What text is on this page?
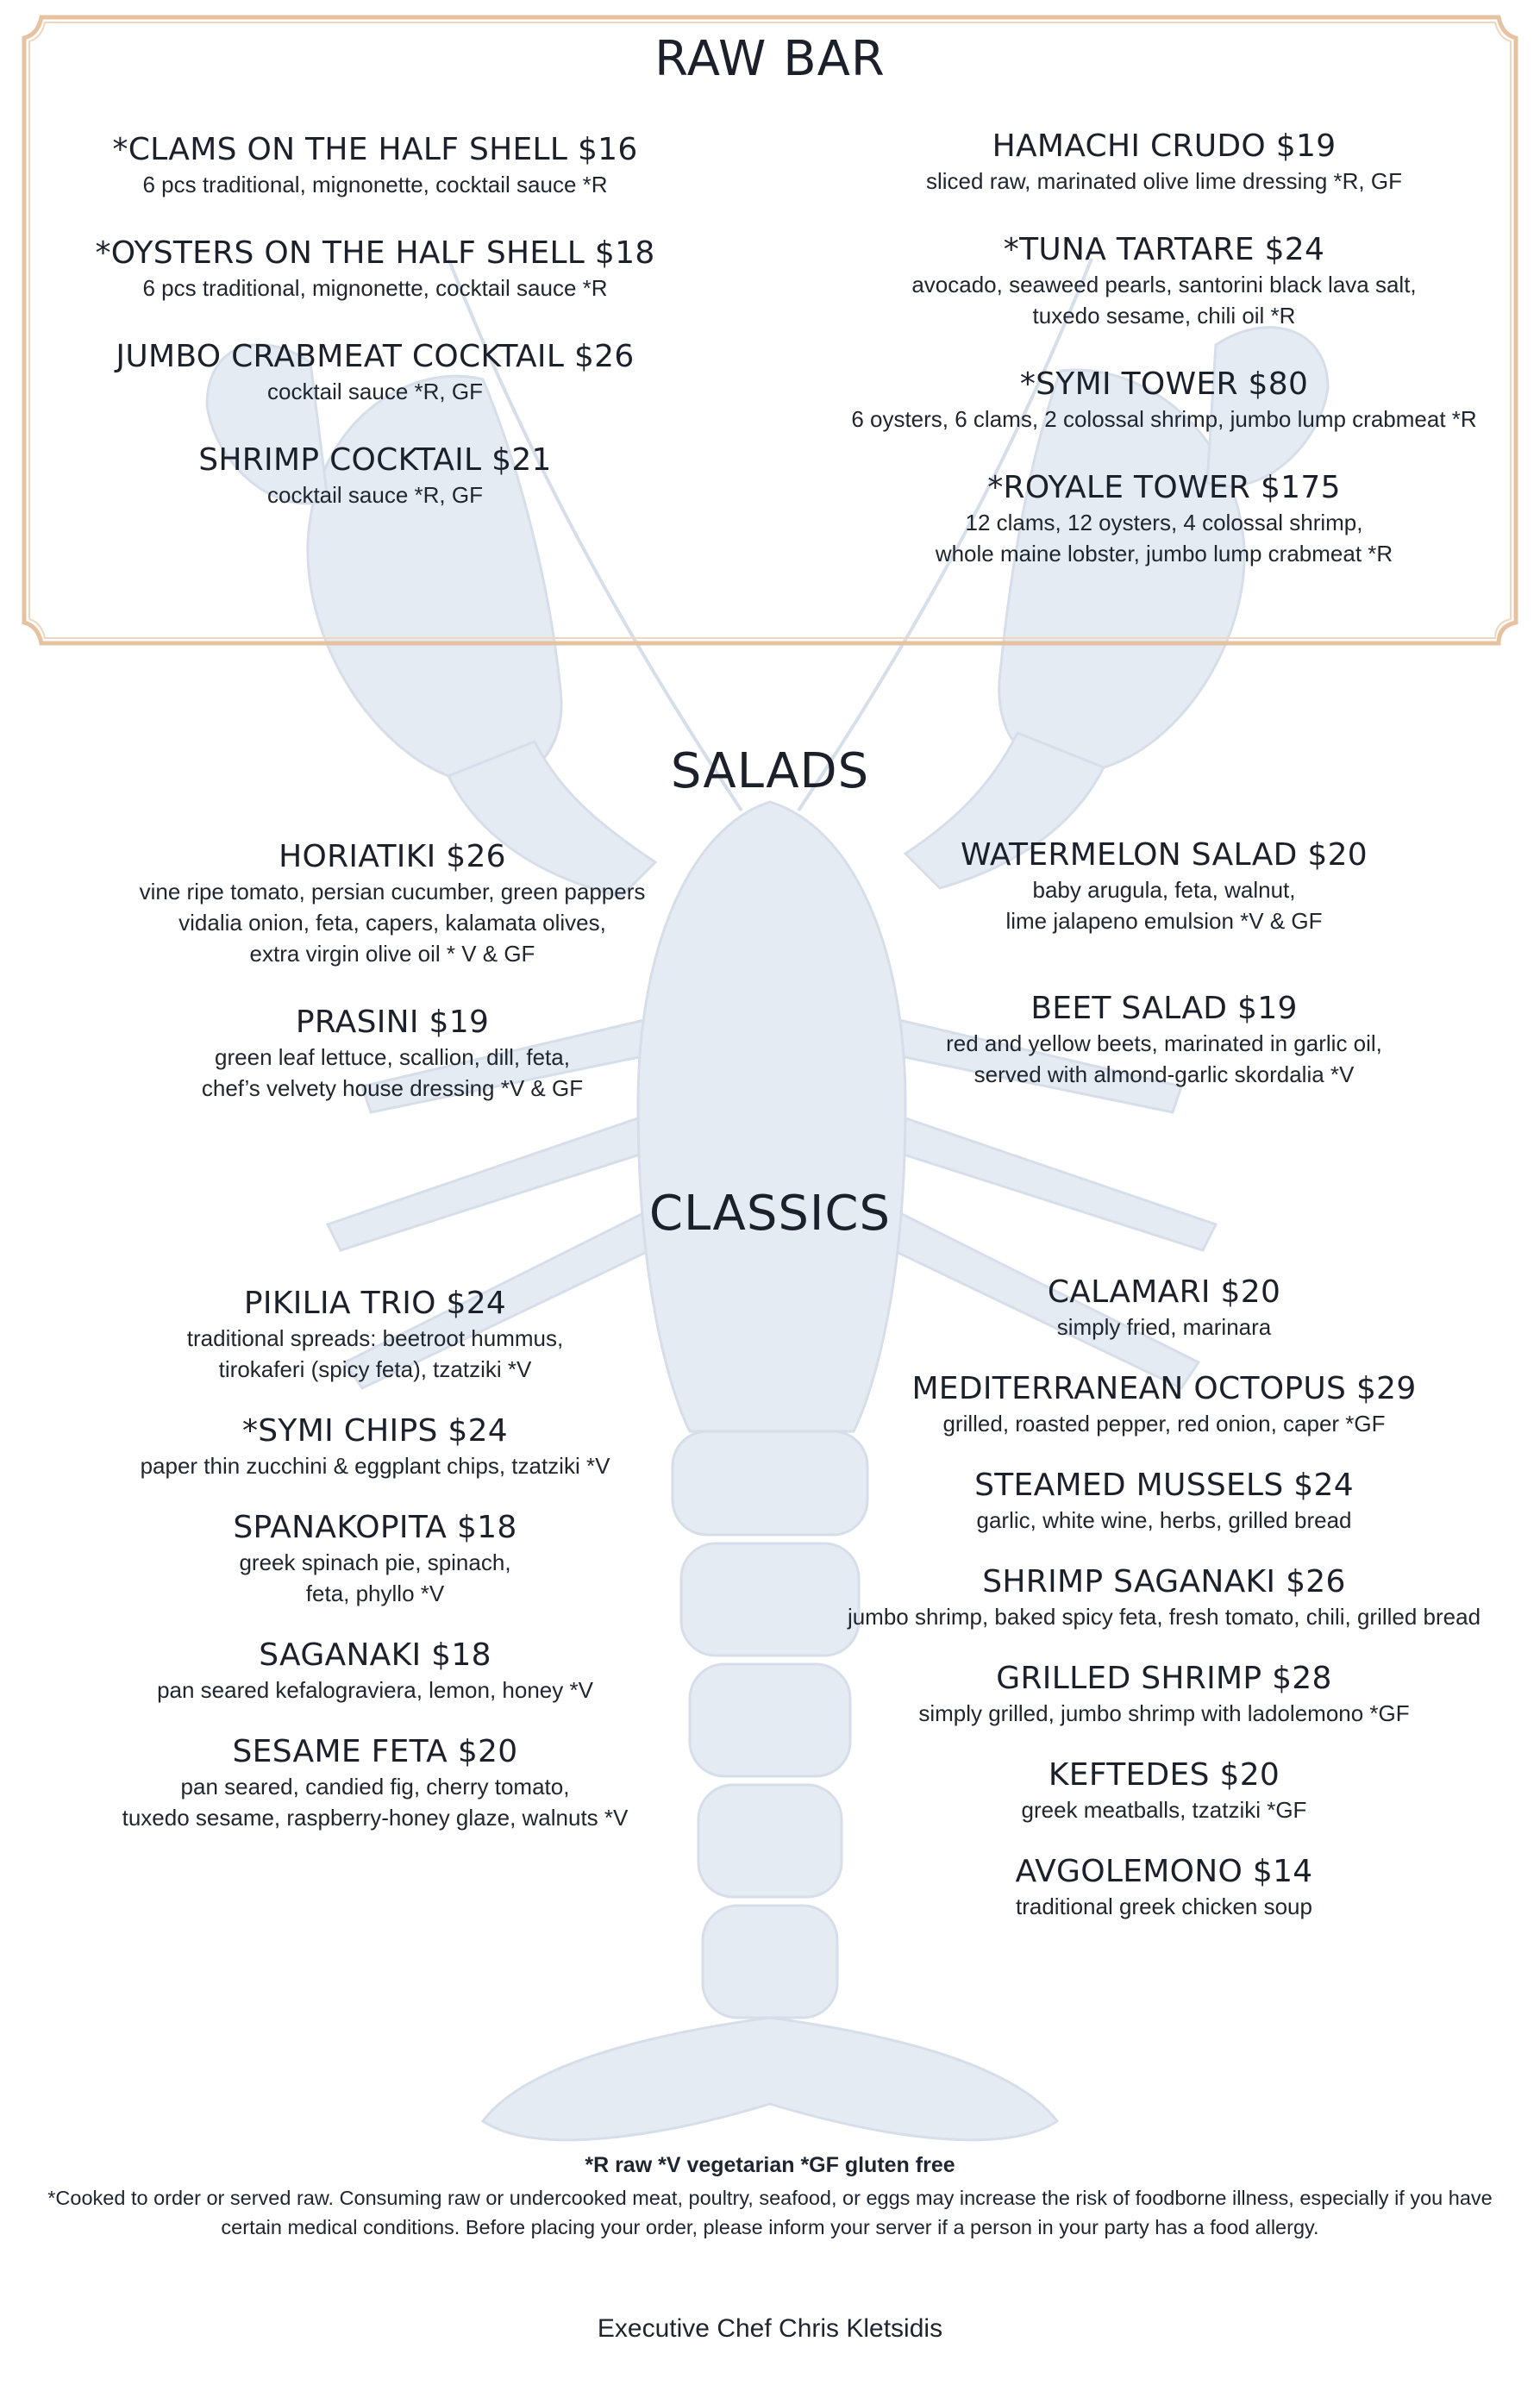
RAW BAR
*CLAMS ON THE HALF SHELL $16
6 pcs traditional, mignonette, cocktail sauce *R
*OYSTERS ON THE HALF SHELL $18
6 pcs traditional, mignonette, cocktail sauce *R
JUMBO CRABMEAT COCKTAIL $26
cocktail sauce *R, GF
SHRIMP COCKTAIL $21
cocktail sauce *R, GF
HAMACHI CRUDO $19
sliced raw, marinated olive lime dressing *R, GF
*TUNA TARTARE $24
avocado, seaweed pearls, santorini black lava salt,
tuxedo sesame, chili oil *R
*SYMI TOWER $80
6 oysters, 6 clams, 2 colossal shrimp, jumbo lump crabmeat *R
*ROYALE TOWER $175
12 clams, 12 oysters, 4 colossal shrimp,
whole maine lobster, jumbo lump crabmeat *R
SALADS
HORIATIKI $26
vine ripe tomato, persian cucumber, green pappers
vidalia onion, feta, capers, kalamata olives,
extra virgin olive oil * V & GF
PRASINI $19
green leaf lettuce, scallion, dill, feta,
chef’s velvety house dressing *V & GF
WATERMELON SALAD $20
baby arugula, feta, walnut,
lime jalapeno emulsion *V & GF
BEET SALAD $19
red and yellow beets, marinated in garlic oil,
served with almond-garlic skordalia *V
CLASSICS
PIKILIA TRIO $24
traditional spreads: beetroot hummus,
tirokaferi (spicy feta), tzatziki *V
*SYMI CHIPS $24
paper thin zucchini & eggplant chips, tzatziki *V
SPANAKOPITA $18
greek spinach pie, spinach,
feta, phyllo *V
SAGANAKI $18
pan seared kefalograviera, lemon, honey *V
SESAME FETA $20
pan seared, candied fig, cherry tomato,
tuxedo sesame, raspberry-honey glaze, walnuts *V
CALAMARI $20
simply fried, marinara
MEDITERRANEAN OCTOPUS $29
grilled, roasted pepper, red onion, caper *GF
STEAMED MUSSELS $24
garlic, white wine, herbs, grilled bread
SHRIMP SAGANAKI $26
jumbo shrimp, baked spicy feta, fresh tomato, chili, grilled bread
GRILLED SHRIMP $28
simply grilled, jumbo shrimp with ladolemono *GF
KEFTEDES $20
greek meatballs, tzatziki *GF
AVGOLEMONO $14
traditional greek chicken soup
*R raw *V vegetarian *GF gluten free
*Cooked to order or served raw. Consuming raw or undercooked meat, poultry, seafood, or eggs may increase the risk of foodborne illness, especially if you have certain medical conditions. Before placing your order, please inform your server if a person in your party has a food allergy.
Executive Chef Chris Kletsidis
